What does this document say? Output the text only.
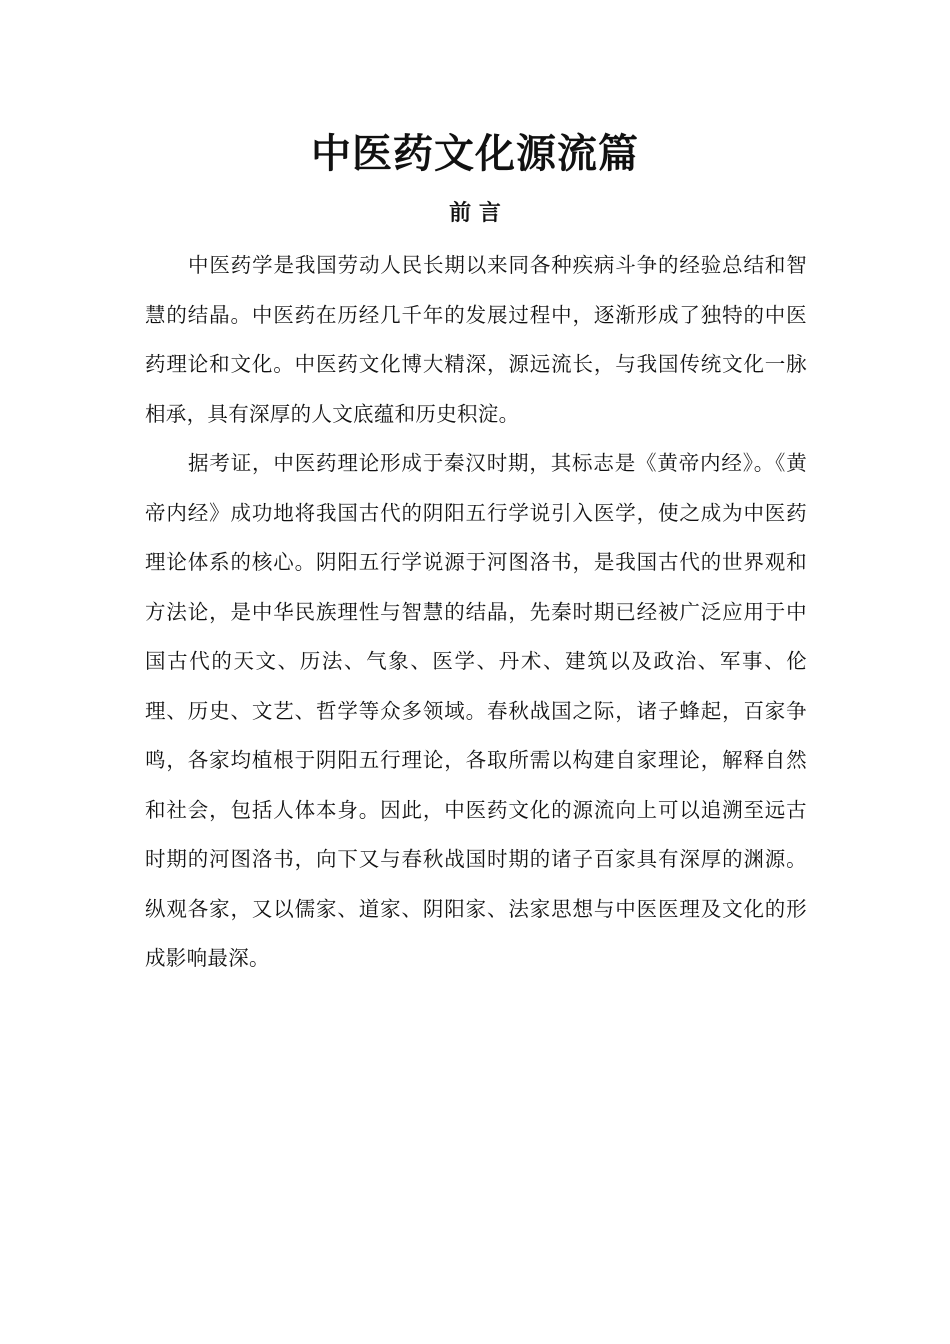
中医药文化源流篇
前 言

中医药学是我国劳动人民长期以来同各种疾病斗争的经验总结和智慧的结晶。中医药在历经几千年的发展过程中，逐渐形成了独特的中医药理论和文化。中医药文化博大精深，源远流长，与我国传统文化一脉相承，具有深厚的人文底蕴和历史积淀。

据考证，中医药理论形成于秦汉时期，其标志是《黄帝内经》。《黄帝内经》成功地将我国古代的阴阳五行学说引入医学，使之成为中医药理论体系的核心。阴阳五行学说源于河图洛书，是我国古代的世界观和方法论，是中华民族理性与智慧的结晶，先秦时期已经被广泛应用于中国古代的天文、历法、气象、医学、丹术、建筑以及政治、军事、伦理、历史、文艺、哲学等众多领域。春秋战国之际，诸子蜂起，百家争鸣，各家均植根于阴阳五行理论，各取所需以构建自家理论，解释自然和社会，包括人体本身。因此，中医药文化的源流向上可以追溯至远古时期的河图洛书，向下又与春秋战国时期的诸子百家具有深厚的渊源。纵观各家，又以儒家、道家、阴阳家、法家思想与中医医理及文化的形成影响最深。
